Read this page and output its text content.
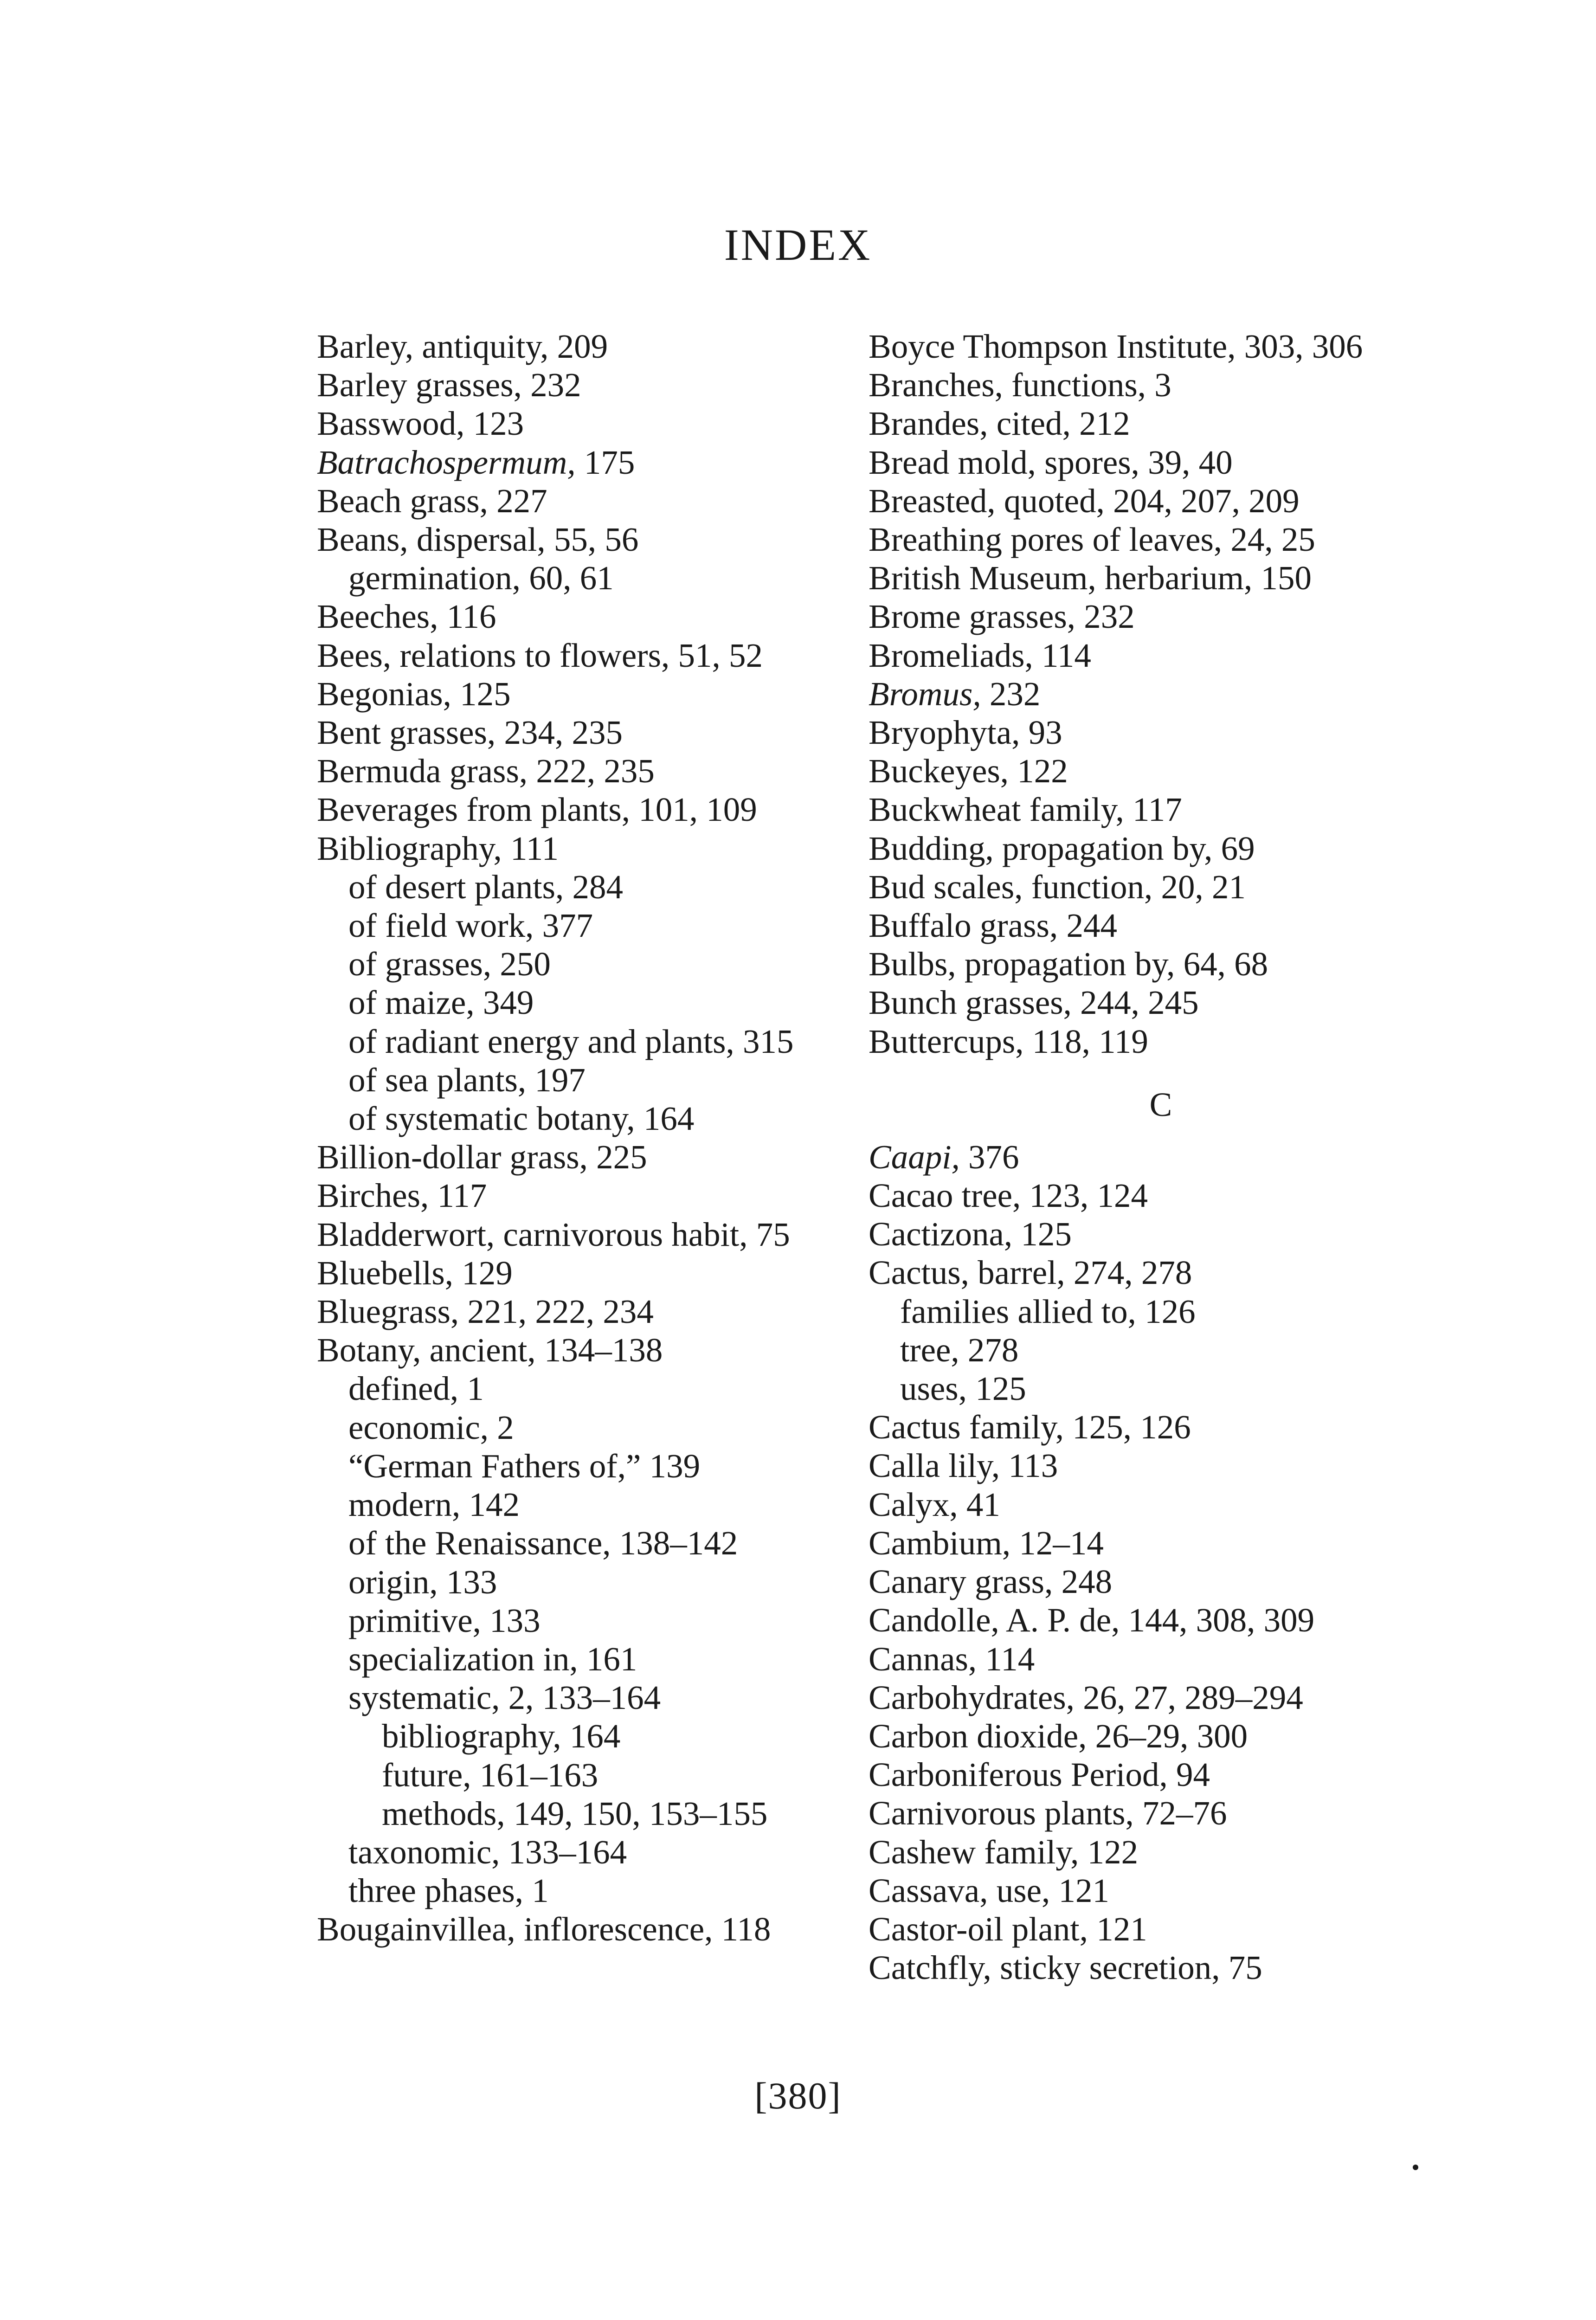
INDEX
Barley, antiquity, 209
Barley grasses, 232
Basswood, 123
Batrachospermum, 175
Beach grass, 227
Beans, dispersal, 55, 56
germination, 60, 61
Beeches, 116
Bees, relations to flowers, 51, 52
Begonias, 125
Bent grasses, 234, 235
Bermuda grass, 222, 235
Beverages from plants, 101, 109
Bibliography, 111
of desert plants, 284
of field work, 377
of grasses, 250
of maize, 349
of radiant energy and plants, 315
of sea plants, 197
of systematic botany, 164
Billion-dollar grass, 225
Birches, 117
Bladderwort, carnivorous habit, 75
Bluebells, 129
Bluegrass, 221, 222, 234
Botany, ancient, 134–138
defined, 1
economic, 2
“German Fathers of,” 139
modern, 142
of the Renaissance, 138–142
origin, 133
primitive, 133
specialization in, 161
systematic, 2, 133–164
bibliography, 164
future, 161–163
methods, 149, 150, 153–155
taxonomic, 133–164
three phases, 1
Bougainvillea, inflorescence, 118
Boyce Thompson Institute, 303, 306
Branches, functions, 3
Brandes, cited, 212
Bread mold, spores, 39, 40
Breasted, quoted, 204, 207, 209
Breathing pores of leaves, 24, 25
British Museum, herbarium, 150
Brome grasses, 232
Bromeliads, 114
Bromus, 232
Bryophyta, 93
Buckeyes, 122
Buckwheat family, 117
Budding, propagation by, 69
Bud scales, function, 20, 21
Buffalo grass, 244
Bulbs, propagation by, 64, 68
Bunch grasses, 244, 245
Buttercups, 118, 119
C
Caapi, 376
Cacao tree, 123, 124
Cactizona, 125
Cactus, barrel, 274, 278
families allied to, 126
tree, 278
uses, 125
Cactus family, 125, 126
Calla lily, 113
Calyx, 41
Cambium, 12–14
Canary grass, 248
Candolle, A. P. de, 144, 308, 309
Cannas, 114
Carbohydrates, 26, 27, 289–294
Carbon dioxide, 26–29, 300
Carboniferous Period, 94
Carnivorous plants, 72–76
Cashew family, 122
Cassava, use, 121
Castor-oil plant, 121
Catchfly, sticky secretion, 75
[380]
